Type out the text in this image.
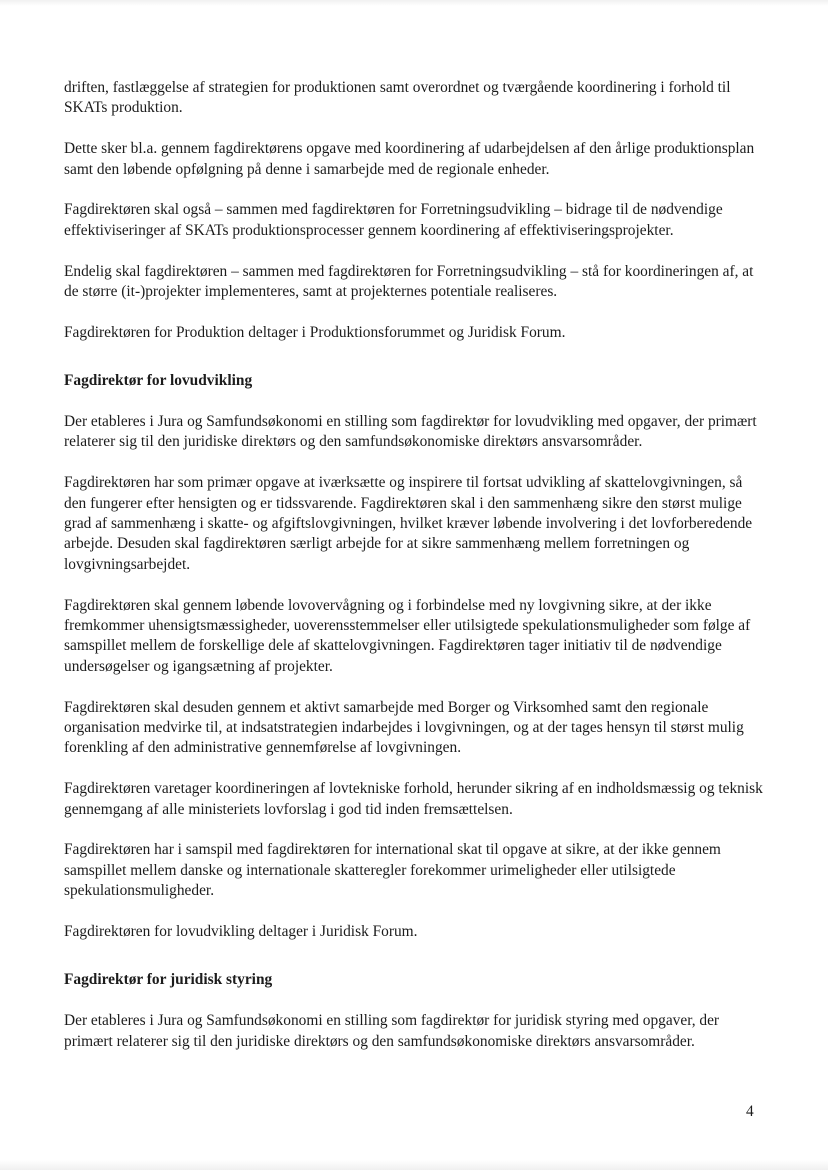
driften, fastlæggelse af strategien for produktionen samt overordnet og tværgående koordinering i forhold til SKATs produktion.

Dette sker bl.a. gennem fagdirektørens opgave med koordinering af udarbejdelsen af den årlige produktionsplan samt den løbende opfølgning på denne i samarbejde med de regionale enheder.

Fagdirektøren skal også – sammen med fagdirektøren for Forretningsudvikling – bidrage til de nødvendige effektiviseringer af SKATs produktionsprocesser gennem koordinering af effektiviseringsprojekter.

Endelig skal fagdirektøren – sammen med fagdirektøren for Forretningsudvikling – stå for koordineringen af, at de større (it-)projekter implementeres, samt at projekternes potentiale realiseres.

Fagdirektøren for Produktion deltager i Produktionsforummet og Juridisk Forum.

Fagdirektør for lovudvikling

Der etableres i Jura og Samfundsøkonomi en stilling som fagdirektør for lovudvikling med opgaver, der primært relaterer sig til den juridiske direktørs og den samfundsøkonomiske direktørs ansvarsområder.

Fagdirektøren har som primær opgave at iværksætte og inspirere til fortsat udvikling af skattelovgivningen, så den fungerer efter hensigten og er tidssvarende. Fagdirektøren skal i den sammenhæng sikre den størst mulige grad af sammenhæng i skatte- og afgiftslovgivningen, hvilket kræver løbende involvering i det lovforberedende arbejde. Desuden skal fagdirektøren særligt arbejde for at sikre sammenhæng mellem forretningen og lovgivningsarbejdet.

Fagdirektøren skal gennem løbende lovovervågning og i forbindelse med ny lovgivning sikre, at der ikke fremkommer uhensigtsmæssigheder, uoverensstemmelser eller utilsigtede spekulationsmuligheder som følge af samspillet mellem de forskellige dele af skattelovgivningen. Fagdirektøren tager initiativ til de nødvendige undersøgelser og igangsætning af projekter.

Fagdirektøren skal desuden gennem et aktivt samarbejde med Borger og Virksomhed samt den regionale organisation medvirke til, at indsatstrategien indarbejdes i lovgivningen, og at der tages hensyn til størst mulig forenkling af den administrative gennemførelse af lovgivningen.

Fagdirektøren varetager koordineringen af lovtekniske forhold, herunder sikring af en indholdsmæssig og teknisk gennemgang af alle ministeriets lovforslag i god tid inden fremsættelsen.

Fagdirektøren har i samspil med fagdirektøren for international skat til opgave at sikre, at der ikke gennem samspillet mellem danske og internationale skatteregler forekommer urimeligheder eller utilsigtede spekulationsmuligheder.

Fagdirektøren for lovudvikling deltager i Juridisk Forum.

Fagdirektør for juridisk styring

Der etableres i Jura og Samfundsøkonomi en stilling som fagdirektør for juridisk styring med opgaver, der primært relaterer sig til den juridiske direktørs og den samfundsøkonomiske direktørs ansvarsområder.

4
